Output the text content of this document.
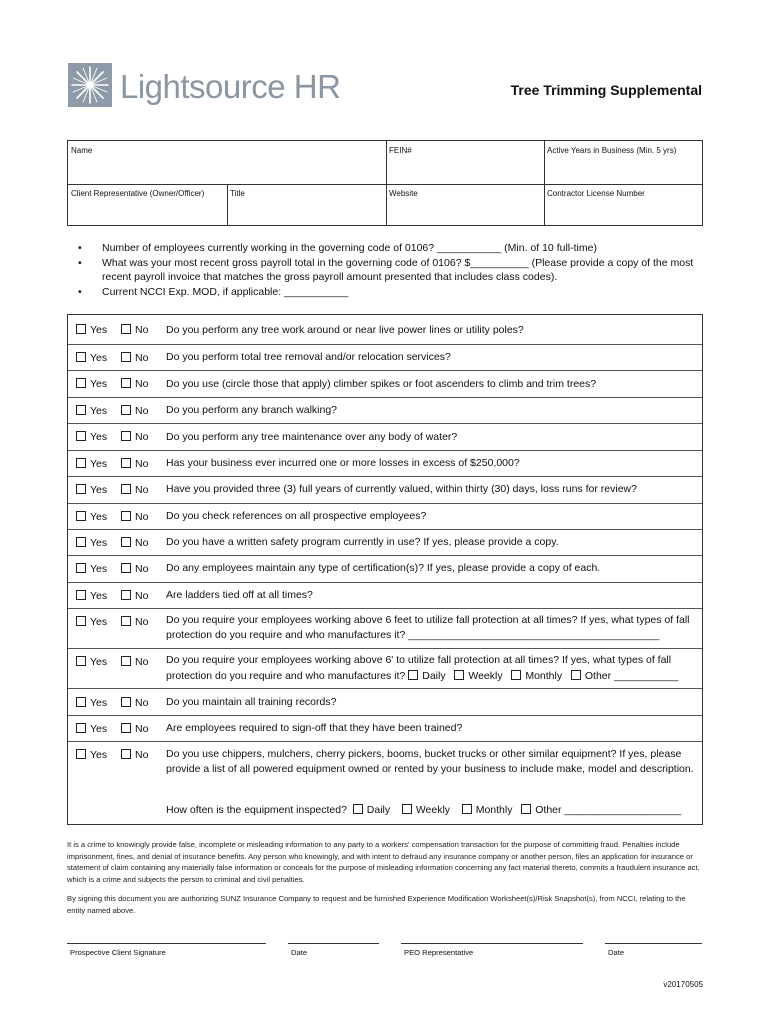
Lightsource HR	Tree Trimming Supplemental
Name	FEIN#	Active Years in Business (Min. 5 yrs)
Client Representative (Owner/Officer)	Title	Website	Contractor License Number
• Number of employees currently working in the governing code of 0106? ___________ (Min. of 10 full-time)
• What was your most recent gross payroll total in the governing code of 0106? $__________ (Please provide a copy of the most recent payroll invoice that matches the gross payroll amount presented that includes class codes).
• Current NCCI Exp. MOD, if applicable: ___________
Yes	No Do you perform any tree work around or near live power lines or utility poles?
Yes	No Do you perform total tree removal and/or relocation services?
Yes	No Do you use (circle those that apply) climber spikes or foot ascenders to climb and trim trees?
Yes	No Do you perform any branch walking?
Yes	No Do you perform any tree maintenance over any body of water?
Yes	No Has your business ever incurred one or more losses in excess of $250,000?
Yes	No Have you provided three (3) full years of currently valued, within thirty (30) days, loss runs for review?
Yes	No Do you check references on all prospective employees?
Yes	No Do you have a written safety program currently in use? If yes, please provide a copy.
Yes	No Do any employees maintain any type of certification(s)? If yes, please provide a copy of each.
Yes	No Are ladders tied off at all times?
Yes	No Do you require your employees working above 6 feet to utilize fall protection at all times? If yes, what types of fall protection do you require and who manufactures it? ___________________________________________
Yes	No Do you require your employees working above 6' to utilize fall protection at all times? If yes, what types of fall protection do you require and who manufactures it? Daily Weekly Monthly Other ___________
Yes	No Do you maintain all training records?
Yes	No Are employees required to sign-off that they have been trained?
Yes	No Do you use chippers, mulchers, cherry pickers, booms, bucket trucks or other similar equipment? If yes, please provide a list of all powered equipment owned or rented by your business to include make, model and description.
How often is the equipment inspected? Daily Weekly Monthly Other ____________________
It is a crime to knowingly provide false, incomplete or misleading information to any party to a workers' compensation transaction for the purpose of committing fraud. Penalties include imprisonment, fines, and denial of insurance benefits. Any person who knowingly, and with intent to defraud any insurance company or another person, files an application for insurance or statement of claim containing any materially false information or conceals for the purpose of misleading information concerning any fact material thereto, commits a fraudulent insurance act, which is a crime and subjects the person to criminal and civil penalties.
By signing this document you are authorizing SUNZ Insurance Company to request and be furnished Experience Modification Worksheet(s)/Risk Snapshot(s), from NCCI, relating to the entity named above.
Prospective Client Signature	Date	PEO Representative	Date
v20170505
